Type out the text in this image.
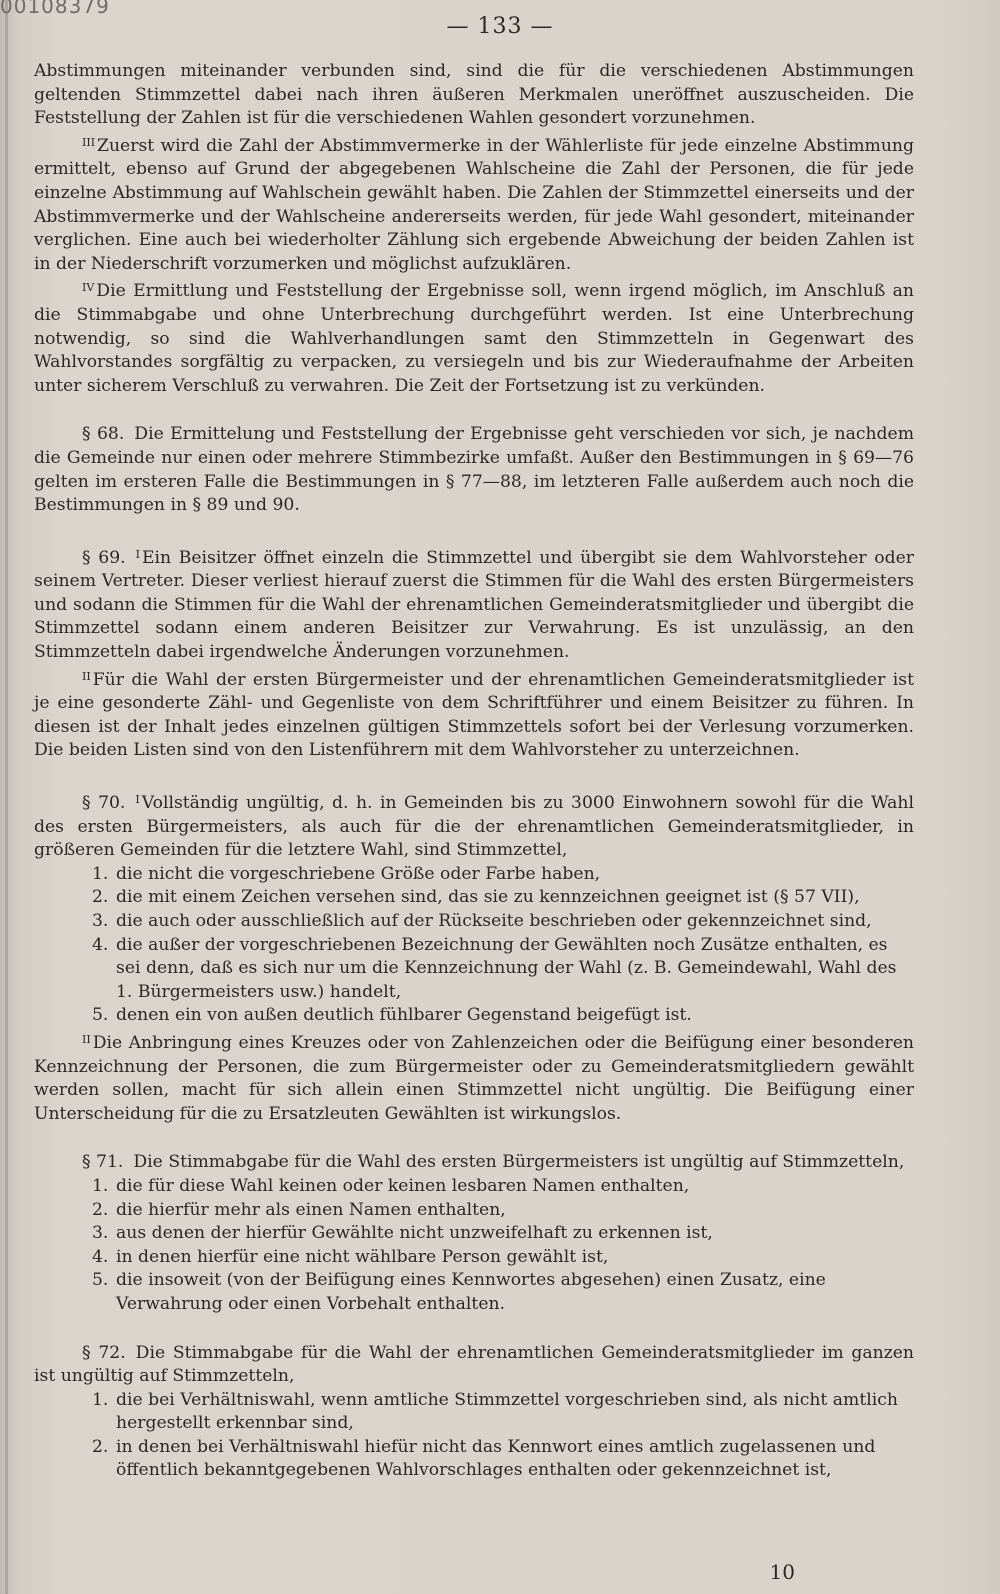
00108379
— 133 —

Abstimmungen miteinander verbunden sind, sind die für die verschiedenen Abstimmungen geltenden Stimmzettel dabei nach ihren äußeren Merkmalen uneröffnet auszuscheiden. Die Feststellung der Zahlen ist für die verschiedenen Wahlen gesondert vorzunehmen.

$^{III}$ Zuerst wird die Zahl der Abstimmvermerke in der Wählerliste für jede einzelne Abstimmung ermittelt, ebenso auf Grund der abgegebenen Wahlscheine die Zahl der Personen, die für jede einzelne Abstimmung auf Wahlschein gewählt haben. Die Zahlen der Stimmzettel einerseits und der Abstimmvermerke und der Wahlscheine andererseits werden, für jede Wahl gesondert, miteinander verglichen. Eine auch bei wiederholter Zählung sich ergebende Abweichung der beiden Zahlen ist in der Niederschrift vorzumerken und möglichst aufzuklären.

$^{IV}$ Die Ermittlung und Feststellung der Ergebnisse soll, wenn irgend möglich, im Anschluß an die Stimmabgabe und ohne Unterbrechung durchgeführt werden. Ist eine Unterbrechung notwendig, so sind die Wahlverhandlungen samt den Stimmzetteln in Gegenwart des Wahlvorstandes sorgfältig zu verpacken, zu versiegeln und bis zur Wiederaufnahme der Arbeiten unter sicherem Verschluß zu verwahren. Die Zeit der Fortsetzung ist zu verkünden.

§ 68. Die Ermittelung und Feststellung der Ergebnisse geht verschieden vor sich, je nachdem die Gemeinde nur einen oder mehrere Stimmbezirke umfaßt. Außer den Bestimmungen in § 69—76 gelten im ersteren Falle die Bestimmungen in § 77—88, im letzteren Falle außerdem auch noch die Bestimmungen in § 89 und 90.

§ 69. $^I$ Ein Beisitzer öffnet einzeln die Stimmzettel und übergibt sie dem Wahlvorsteher oder seinem Vertreter. Dieser verliest hierauf zuerst die Stimmen für die Wahl des ersten Bürgermeisters und sodann die Stimmen für die Wahl der ehrenamtlichen Gemeinderatsmitglieder und übergibt die Stimmzettel sodann einem anderen Beisitzer zur Verwahrung. Es ist unzulässig, an den Stimmzetteln dabei irgendwelche Änderungen vorzunehmen.

$^{II}$ Für die Wahl der ersten Bürgermeister und der ehrenamtlichen Gemeinderatsmitglieder ist je eine gesonderte Zähl- und Gegenliste von dem Schriftführer und einem Beisitzer zu führen. In diesen ist der Inhalt jedes einzelnen gültigen Stimmzettels sofort bei der Verlesung vorzumerken. Die beiden Listen sind von den Listenführern mit dem Wahlvorsteher zu unterzeichnen.

§ 70. $^I$ Vollständig ungültig, d. h. in Gemeinden bis zu 3000 Einwohnern sowohl für die Wahl des ersten Bürgermeisters, als auch für die der ehrenamtlichen Gemeinderatsmitglieder, in größeren Gemeinden für die letztere Wahl, sind Stimmzettel,

1. die nicht die vorgeschriebene Größe oder Farbe haben,
2. die mit einem Zeichen versehen sind, das sie zu kennzeichnen geeignet ist (§ 57 VII),
3. die auch oder ausschließlich auf der Rückseite beschrieben oder gekennzeichnet sind,
4. die außer der vorgeschriebenen Bezeichnung der Gewählten noch Zusätze enthalten, es sei denn, daß es sich nur um die Kennzeichnung der Wahl (z. B. Gemeindewahl, Wahl des 1. Bürgermeisters usw.) handelt,
5. denen ein von außen deutlich fühlbarer Gegenstand beigefügt ist.

$^{II}$ Die Anbringung eines Kreuzes oder von Zahlenzeichen oder die Beifügung einer besonderen Kennzeichnung der Personen, die zum Bürgermeister oder zu Gemeinderatsmitgliedern gewählt werden sollen, macht für sich allein einen Stimmzettel nicht ungültig. Die Beifügung einer Unterscheidung für die zu Ersatzleuten Gewählten ist wirkungslos.

§ 71. Die Stimmabgabe für die Wahl des ersten Bürgermeisters ist ungültig auf Stimmzetteln,

1. die für diese Wahl keinen oder keinen lesbaren Namen enthalten,
2. die hierfür mehr als einen Namen enthalten,
3. aus denen der hierfür Gewählte nicht unzweifelhaft zu erkennen ist,
4. in denen hierfür eine nicht wählbare Person gewählt ist,
5. die insoweit (von der Beifügung eines Kennwortes abgesehen) einen Zusatz, eine Verwahrung oder einen Vorbehalt enthalten.

§ 72. Die Stimmabgabe für die Wahl der ehrenamtlichen Gemeinderatsmitglieder im ganzen ist ungültig auf Stimmzetteln,

1. die bei Verhältniswahl, wenn amtliche Stimmzettel vorgeschrieben sind, als nicht amtlich hergestellt erkennbar sind,
2. in denen bei Verhältniswahl hiefür nicht das Kennwort eines amtlich zugelassenen und öffentlich bekanntgegebenen Wahlvorschlages enthalten oder gekennzeichnet ist,
10
